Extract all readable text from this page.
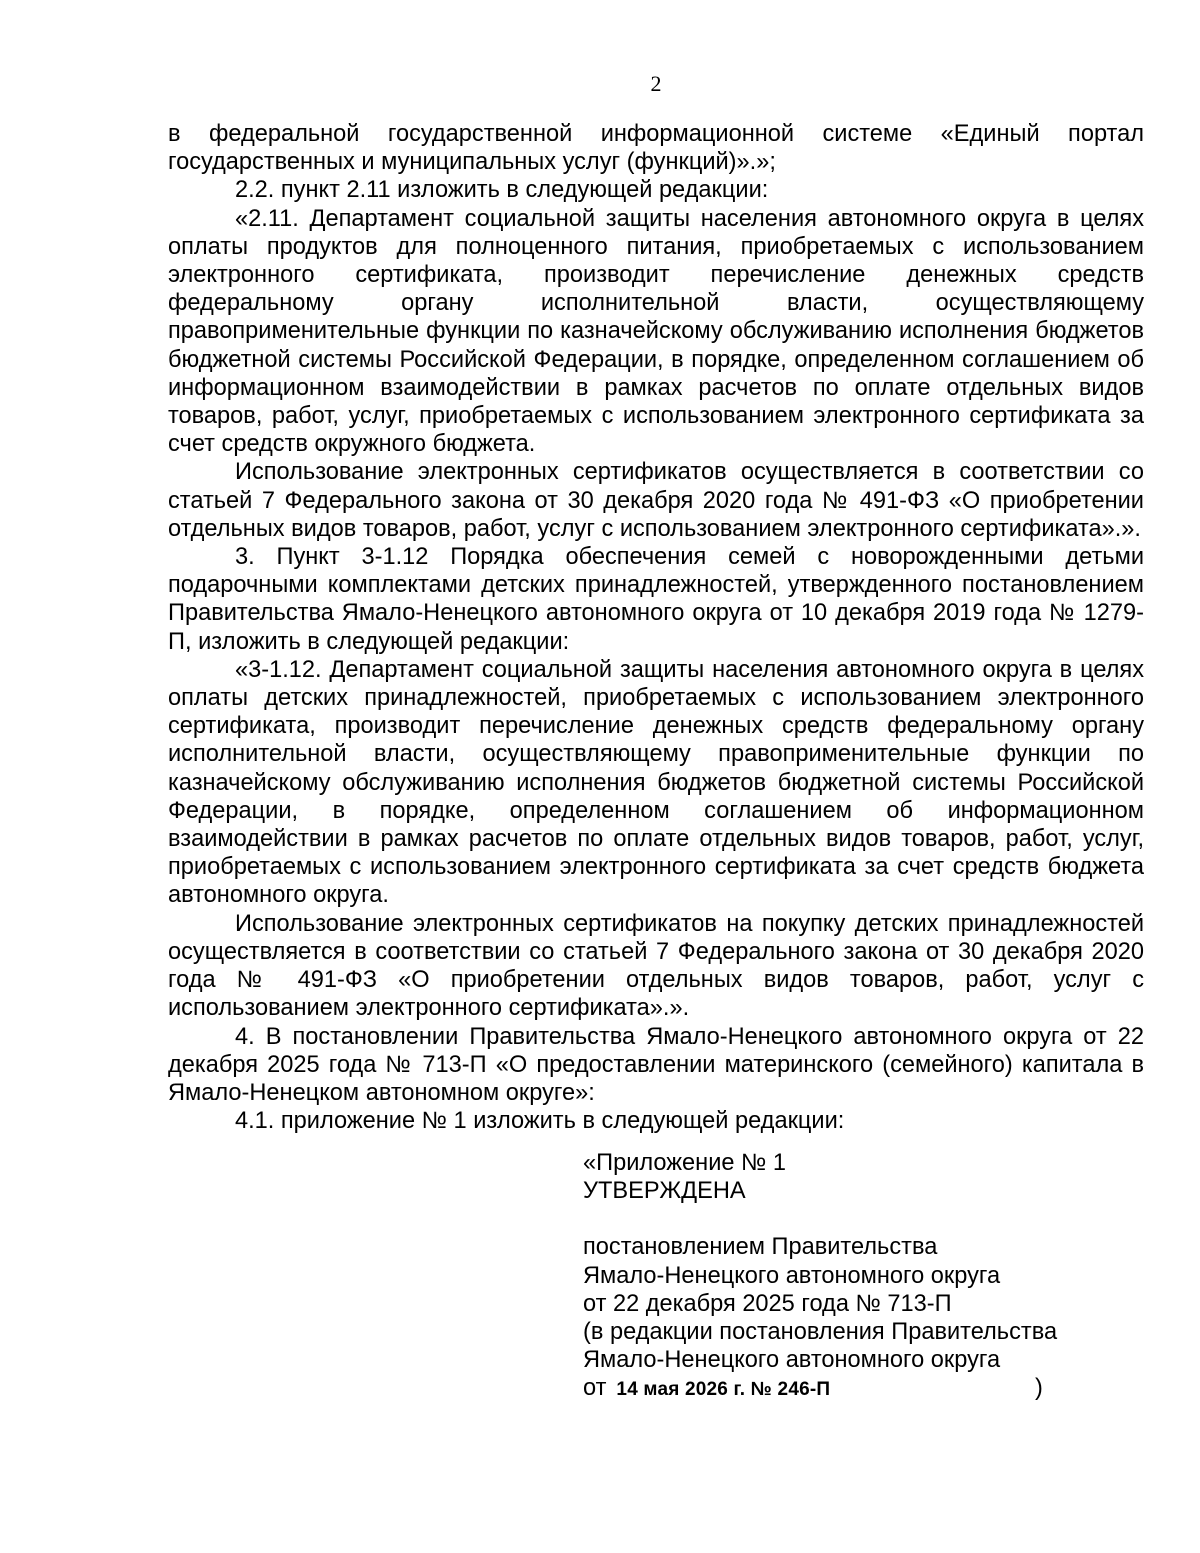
2

в федеральной государственной информационной системе «Единый портал государственных и муниципальных услуг (функций)».»;

2.2. пункт 2.11 изложить в следующей редакции:

«2.11. Департамент социальной защиты населения автономного округа в целях оплаты продуктов для полноценного питания, приобретаемых с использованием электронного сертификата, производит перечисление денежных средств федеральному органу исполнительной власти, осуществляющему правоприменительные функции по казначейскому обслуживанию исполнения бюджетов бюджетной системы Российской Федерации, в порядке, определенном соглашением об информационном взаимодействии в рамках расчетов по оплате отдельных видов товаров, работ, услуг, приобретаемых с использованием электронного сертификата за счет средств окружного бюджета.

Использование электронных сертификатов осуществляется в соответствии со статьей 7 Федерального закона от 30 декабря 2020 года № 491-ФЗ «О приобретении отдельных видов товаров, работ, услуг с использованием электронного сертификата».».

3. Пункт 3-1.12 Порядка обеспечения семей с новорожденными детьми подарочными комплектами детских принадлежностей, утвержденного постановлением Правительства Ямало-Ненецкого автономного округа от 10 декабря 2019 года № 1279-П, изложить в следующей редакции:

«3-1.12. Департамент социальной защиты населения автономного округа в целях оплаты детских принадлежностей, приобретаемых с использованием электронного сертификата, производит перечисление денежных средств федеральному органу исполнительной власти, осуществляющему правоприменительные функции по казначейскому обслуживанию исполнения бюджетов бюджетной системы Российской Федерации, в порядке, определенном соглашением об информационном взаимодействии в рамках расчетов по оплате отдельных видов товаров, работ, услуг, приобретаемых с использованием электронного сертификата за счет средств бюджета автономного округа.

Использование электронных сертификатов на покупку детских принадлежностей осуществляется в соответствии со статьей 7 Федерального закона от 30 декабря 2020 года № 491-ФЗ «О приобретении отдельных видов товаров, работ, услуг с использованием электронного сертификата».».

4. В постановлении Правительства Ямало-Ненецкого автономного округа от 22 декабря 2025 года № 713-П «О предоставлении материнского (семейного) капитала в Ямало-Ненецком автономном округе»:

4.1. приложение № 1 изложить в следующей редакции:

«Приложение № 1

УТВЕРЖДЕНА

постановлением Правительства

Ямало-Ненецкого автономного округа

от 22 декабря 2025 года № 713-П

(в редакции постановления Правительства

Ямало-Ненецкого автономного округа

от 14 мая 2026 г. № 246-П	)
